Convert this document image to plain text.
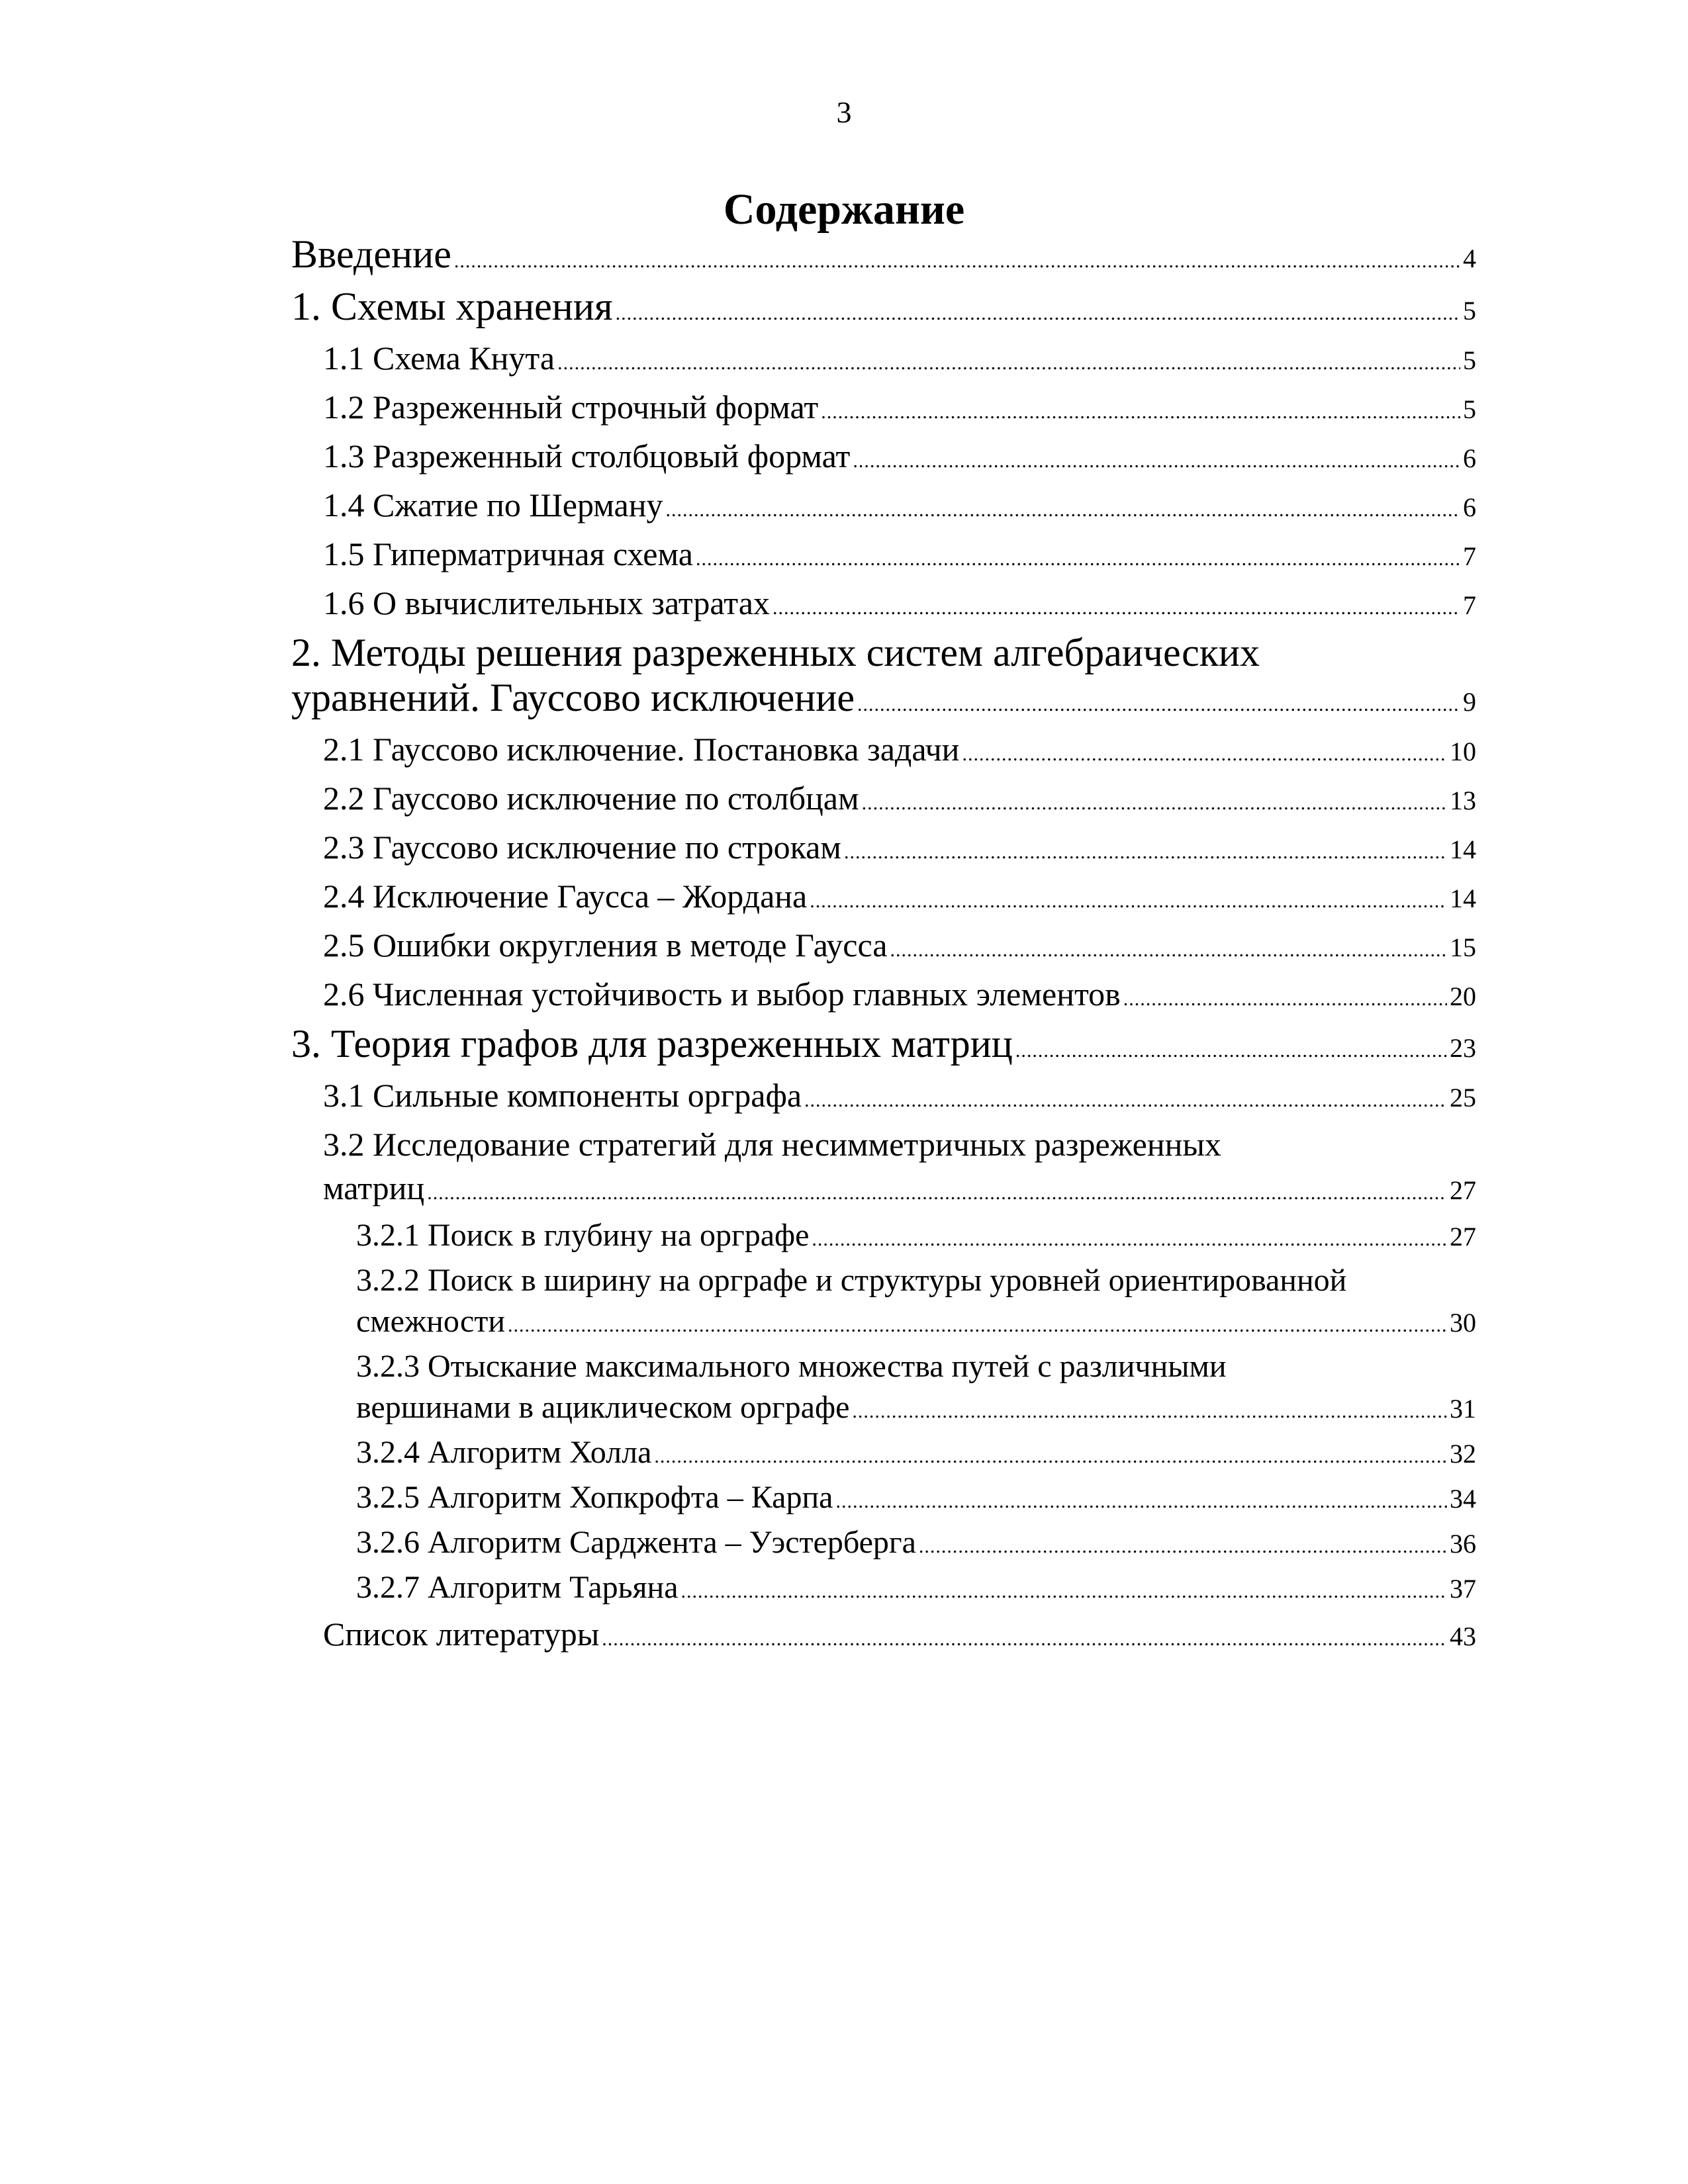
3
Содержание
Введение .....	4
1. Схемы хранения .....	5
1.1 Схема Кнута .....	5
1.2 Разреженный строчный формат .....	5
1.3 Разреженный столбцовый формат .....	6
1.4 Сжатие по Шерману .....	6
1.5 Гиперматричная схема .....	7
1.6 О вычислительных затратах .....	7
2. Методы решения разреженных систем алгебраических
уравнений. Гауссово исключение .....	9
2.1 Гауссово исключение. Постановка задачи .....	10
2.2 Гауссово исключение по столбцам .....	13
2.3 Гауссово исключение по строкам .....	14
2.4 Исключение Гаусса – Жордана .....	14
2.5 Ошибки округления в методе Гаусса .....	15
2.6 Численная устойчивость и выбор главных элементов .....	20
3. Теория графов для разреженных матриц .....	23
3.1 Сильные компоненты орграфа .....	25
3.2 Исследование стратегий для несимметричных разреженных
матриц .....	27
3.2.1 Поиск в глубину на орграфе .....	27
3.2.2 Поиск в ширину на орграфе и структуры уровней ориентированной
смежности .....	30
3.2.3 Отыскание максимального множества путей с различными
вершинами в ациклическом орграфе .....	31
3.2.4 Алгоритм Холла .....	32
3.2.5 Алгоритм Хопкрофта – Карпа .....	34
3.2.6 Алгоритм Сарджента – Уэстерберга .....	36
3.2.7 Алгоритм Тарьяна .....	37
Список литературы .....	43
